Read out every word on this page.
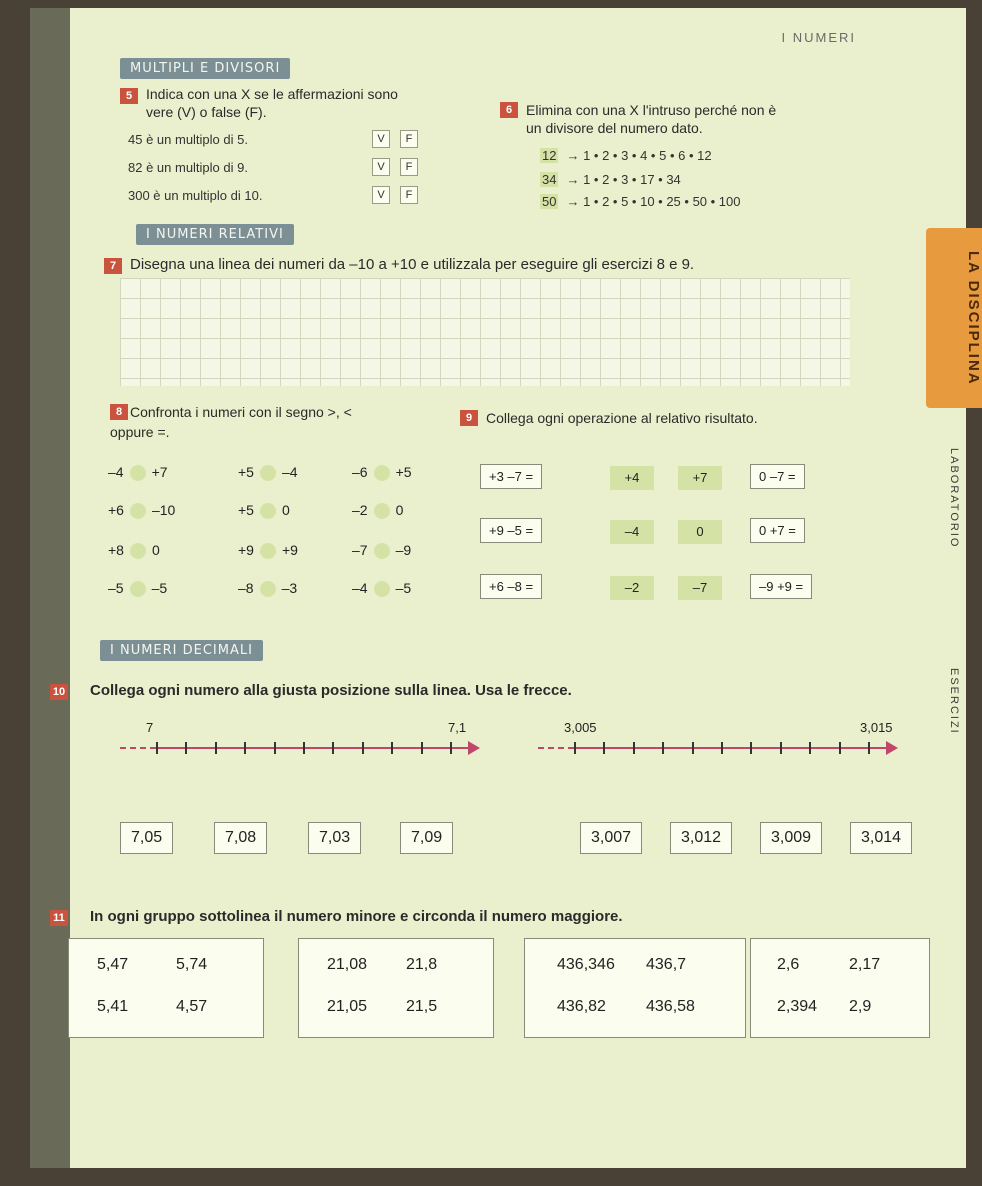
I NUMERI
MULTIPLI E DIVISORI
5 Indica con una X se le affermazioni sono
vere (V) o false (F).
45 è un multiplo di 5.	V	F
82 è un multiplo di 9.	V	F
300 è un multiplo di 10.	V	F
6 Elimina con una X l'intruso perché non è
un divisore del numero dato.
12 → 1 • 2 • 3 • 4 • 5 • 6 • 12
34 → 1 • 2 • 3 • 17 • 34
50 → 1 • 2 • 5 • 10 • 25 • 50 • 100
I NUMERI RELATIVI
7 Disegna una linea dei numeri da –10 a +10 e utilizzala per eseguire gli esercizi 8 e 9.
8 Confronta i numeri con il segno >, <
oppure =.
–4 +7	+5 –4	–6 +5
+6 –10	+5 0	–2 0
+8 0	+9 +9	–7 –9
–5 –5	–8 –3	–4 –5
9 Collega ogni operazione al relativo risultato.
+3 –7 =
+9 –5 =
+6 –8 =
+4
–4
–2
+7
0
–7
0 –7 =
0 +7 =
–9 +9 =
I NUMERI DECIMALI
10 Collega ogni numero alla giusta posizione sulla linea. Usa le frecce.
7	7,1	3,005	3,015
7,05	7,08	7,03	7,09	3,007	3,012	3,009	3,014
11 In ogni gruppo sottolinea il numero minore e circonda il numero maggiore.
5,47	5,74
5,41	4,57
21,08 21,8
21,05 21,5
436,346 436,7
436,82	436,58
2,6	2,17
2,394 2,9
LA DISCIPLINA
LABORATORIO
ESERCIZI
